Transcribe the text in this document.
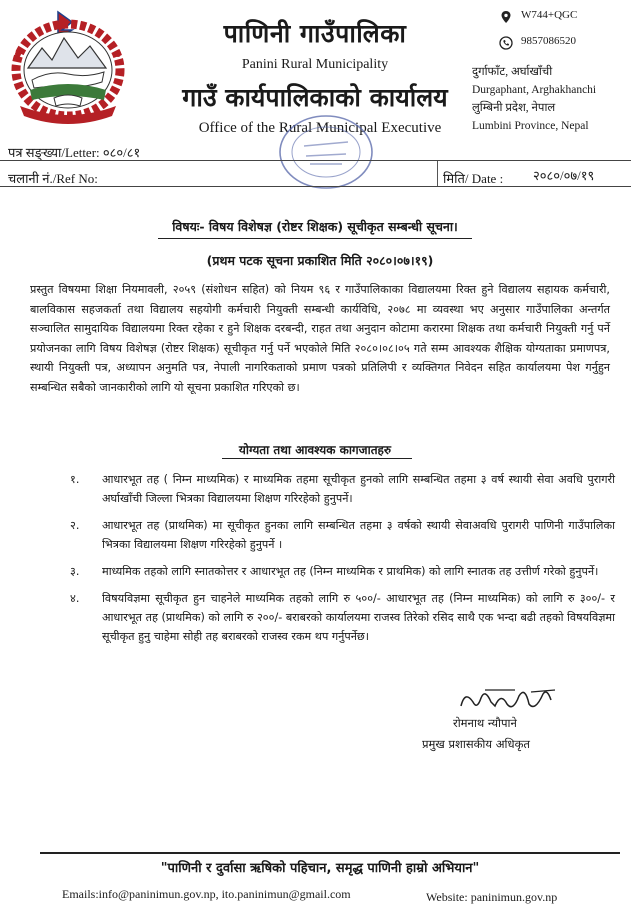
पाणिनी गाउँपालिका
Panini Rural Municipality
गाउँ कार्यपालिकाको कार्यालय
Office of the Rural Municipal Executive
W744+QGC
9857086520
दुर्गाफाँट, अर्घाखाँची
Durgaphant, Arghakhanchi
लुम्बिनी प्रदेश, नेपाल
Lumbini Province, Nepal
पत्र सङ्ख्या/Letter: ०८०/८१
चलानी नं./Ref No:	मिति/ Date : २०८०/०७/१९
विषयः- विषय विशेषज्ञ (रोष्टर शिक्षक) सूचीकृत सम्बन्धी सूचना।
(प्रथम पटक सूचना प्रकाशित मिति २०८०।०७।१९)
प्रस्तुत विषयमा शिक्षा नियमावली, २०५९ (संशोधन सहित) को नियम ९६ र गाउँपालिकाका विद्यालयमा रिक्त हुने विद्यालय सहायक कर्मचारी, बालविकास सहजकर्ता तथा विद्यालय सहयोगी कर्मचारी नियुक्ती सम्बन्धी कार्यविधि, २०७८ मा व्यवस्था भए अनुसार गाउँपालिका अन्तर्गत सञ्चालित सामुदायिक विद्यालयमा रिक्त रहेका र हुने शिक्षक दरबन्दी, राहत तथा अनुदान कोटामा करारमा शिक्षक तथा कर्मचारी नियुक्ती गर्नु पर्ने प्रयोजनका लागि विषय विशेषज्ञ (रोष्टर शिक्षक) सूचीकृत गर्नु पर्ने भएकोले मिति २०८०।०८।०५ गते सम्म आवश्यक शैक्षिक योग्यताका प्रमाणपत्र, स्थायी नियुक्ती पत्र, अध्यापन अनुमति पत्र, नेपाली नागरिकताको प्रमाण पत्रको प्रतिलिपी र व्यक्तिगत निवेदन सहित कार्यालयमा पेश गर्नुहुन सम्बन्धित सबैको जानकारीको लागि यो सूचना प्रकाशित गरिएको छ।
योग्यता तथा आवश्यक कागजातहरु
१. आधारभूत तह ( निम्न माध्यमिक) र माध्यमिक तहमा सूचीकृत हुनको लागि सम्बन्धित तहमा ३ वर्ष स्थायी सेवा अवधि पुरागरी अर्घाखाँची जिल्ला भित्रका विद्यालयमा शिक्षण गरिरहेको हुनुपर्ने।
२. आधारभूत तह (प्राथमिक) मा सूचीकृत हुनका लागि सम्बन्धित तहमा ३ वर्षको स्थायी सेवाअवधि पुरागरी पाणिनी गाउँपालिका भित्रका विद्यालयमा शिक्षण गरिरहेको हुनुपर्ने ।
३. माध्यमिक तहको लागि स्नातकोत्तर र आधारभूत तह (निम्न माध्यमिक र प्राथमिक) को लागि स्नातक तह उत्तीर्ण गरेको हुनुपर्ने।
४. विषयविज्ञमा सूचीकृत हुन चाहनेले माध्यमिक तहको लागि रु ५००/- आधारभूत तह (निम्न माध्यमिक) को लागि रु ३००/- र आधारभूत तह (प्राथमिक) को लागि रु २००/- बराबरको कार्यालयमा राजस्व तिरेको रसिद साथै एक भन्दा बढी तहको विषयविज्ञमा सूचीकृत हुनु चाहेमा सोही तह बराबरको राजस्व रकम थप गर्नुपर्नेछ।
रोमनाथ न्यौपाने
प्रमुख प्रशासकीय अधिकृत
"पाणिनी र दुर्वासा ऋषिको पहिचान, समृद्ध पाणिनी हाम्रो अभियान"
Emails:info@paninimun.gov.np, ito.paninimun@gmail.com	Website: paninimun.gov.np
